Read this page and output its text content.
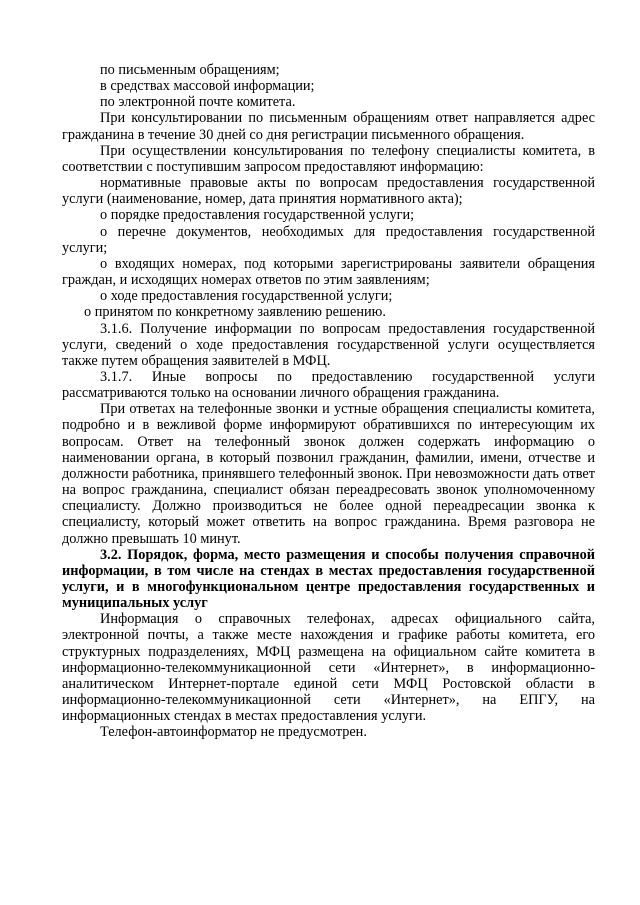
по письменным обращениям;

в средствах массовой информации;

по электронной почте комитета.

При консультировании по письменным обращениям ответ направляется адрес гражданина в течение 30 дней со дня регистрации письменного обращения.

При осуществлении консультирования по телефону специалисты комитета, в соответствии с поступившим запросом предоставляют информацию:

нормативные правовые акты по вопросам предоставления государственной услуги (наименование, номер, дата принятия нормативного акта);

о порядке предоставления государственной услуги;

о перечне документов, необходимых для предоставления государственной услуги;

о входящих номерах, под которыми зарегистрированы заявители обращения граждан, и исходящих номерах ответов по этим заявлениям;

о ходе предоставления государственной услуги;

о принятом по конкретному заявлению решению.

3.1.6. Получение информации по вопросам предоставления государственной услуги, сведений о ходе предоставления государственной услуги осуществляется также путем обращения заявителей в МФЦ.

3.1.7. Иные вопросы по предоставлению государственной услуги рассматриваются только на основании личного обращения гражданина.

При ответах на телефонные звонки и устные обращения специалисты комитета, подробно и в вежливой форме информируют обратившихся по интересующим их вопросам. Ответ на телефонный звонок должен содержать информацию о наименовании органа, в который позвонил гражданин, фамилии, имени, отчестве и должности работника, принявшего телефонный звонок. При невозможности дать ответ на вопрос гражданина, специалист обязан переадресовать звонок уполномоченному специалисту. Должно производиться не более одной переадресации звонка к специалисту, который может ответить на вопрос гражданина. Время разговора не должно превышать 10 минут.

3.2. Порядок, форма, место размещения и способы получения справочной информации, в том числе на стендах в местах предоставления государственной услуги, и в многофункциональном центре предоставления государственных и муниципальных услуг

Информация о справочных телефонах, адресах официального сайта, электронной почты, а также месте нахождения и графике работы комитета, его структурных подразделениях, МФЦ размещена на официальном сайте комитета в информационно-телекоммуникационной сети «Интернет», в информационно-аналитическом Интернет-портале единой сети МФЦ Ростовской области в информационно-телекоммуникационной сети «Интернет», на ЕПГУ, на информационных стендах в местах предоставления услуги.

Телефон-автоинформатор не предусмотрен.
